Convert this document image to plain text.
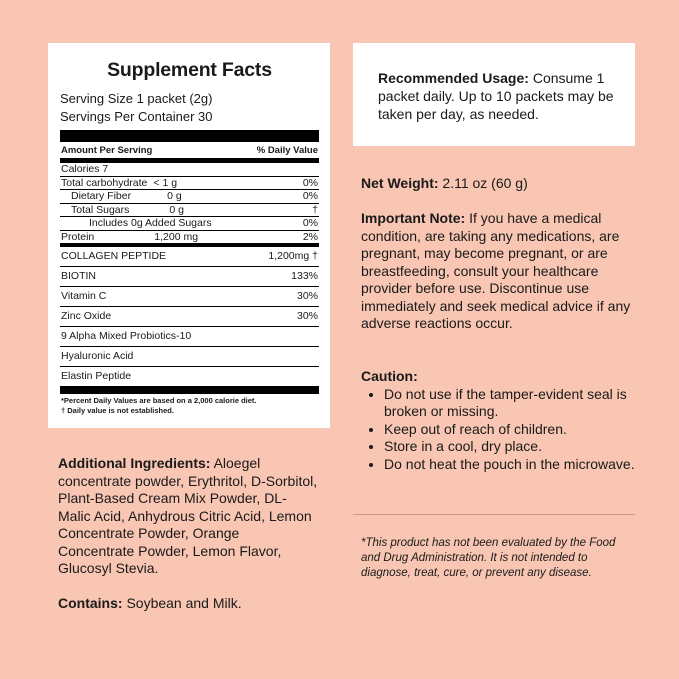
Supplement Facts
Serving Size 1 packet (2g)
Servings Per Container 30
Amount Per Serving	% Daily Value
Calories 7
Total carbohydrate < 1 g	0%
Dietary Fiber	0 g	0%
Total Sugars	0 g	†
Includes 0g Added Sugars	0%
Protein	1,200 mg	2%
COLLAGEN PEPTIDE	1,200mg †
BIOTIN	133%
Vitamin C	30%
Zinc Oxide	30%
9 Alpha Mixed Probiotics-10
Hyaluronic Acid
Elastin Peptide
*Percent Daily Values are based on a 2,000 calorie diet.
† Daily value is not established.
Recommended Usage: Consume 1 packet daily. Up to 10 packets may be taken per day, as needed.
Net Weight: 2.11 oz (60 g)
Important Note: If you have a medical condition, are taking any medications, are pregnant, may become pregnant, or are breastfeeding, consult your healthcare provider before use. Discontinue use immediately and seek medical advice if any adverse reactions occur.
Caution:
• Do not use if the tamper-evident seal is broken or missing.
• Keep out of reach of children.
• Store in a cool, dry place.
• Do not heat the pouch in the microwave.
*This product has not been evaluated by the Food and Drug Administration. It is not intended to diagnose, treat, cure, or prevent any disease.
Additional Ingredients: Aloegel concentrate powder, Erythritol, D-Sorbitol, Plant-Based Cream Mix Powder, DL-Malic Acid, Anhydrous Citric Acid, Lemon Concentrate Powder, Orange Concentrate Powder, Lemon Flavor, Glucosyl Stevia.
Contains: Soybean and Milk.
